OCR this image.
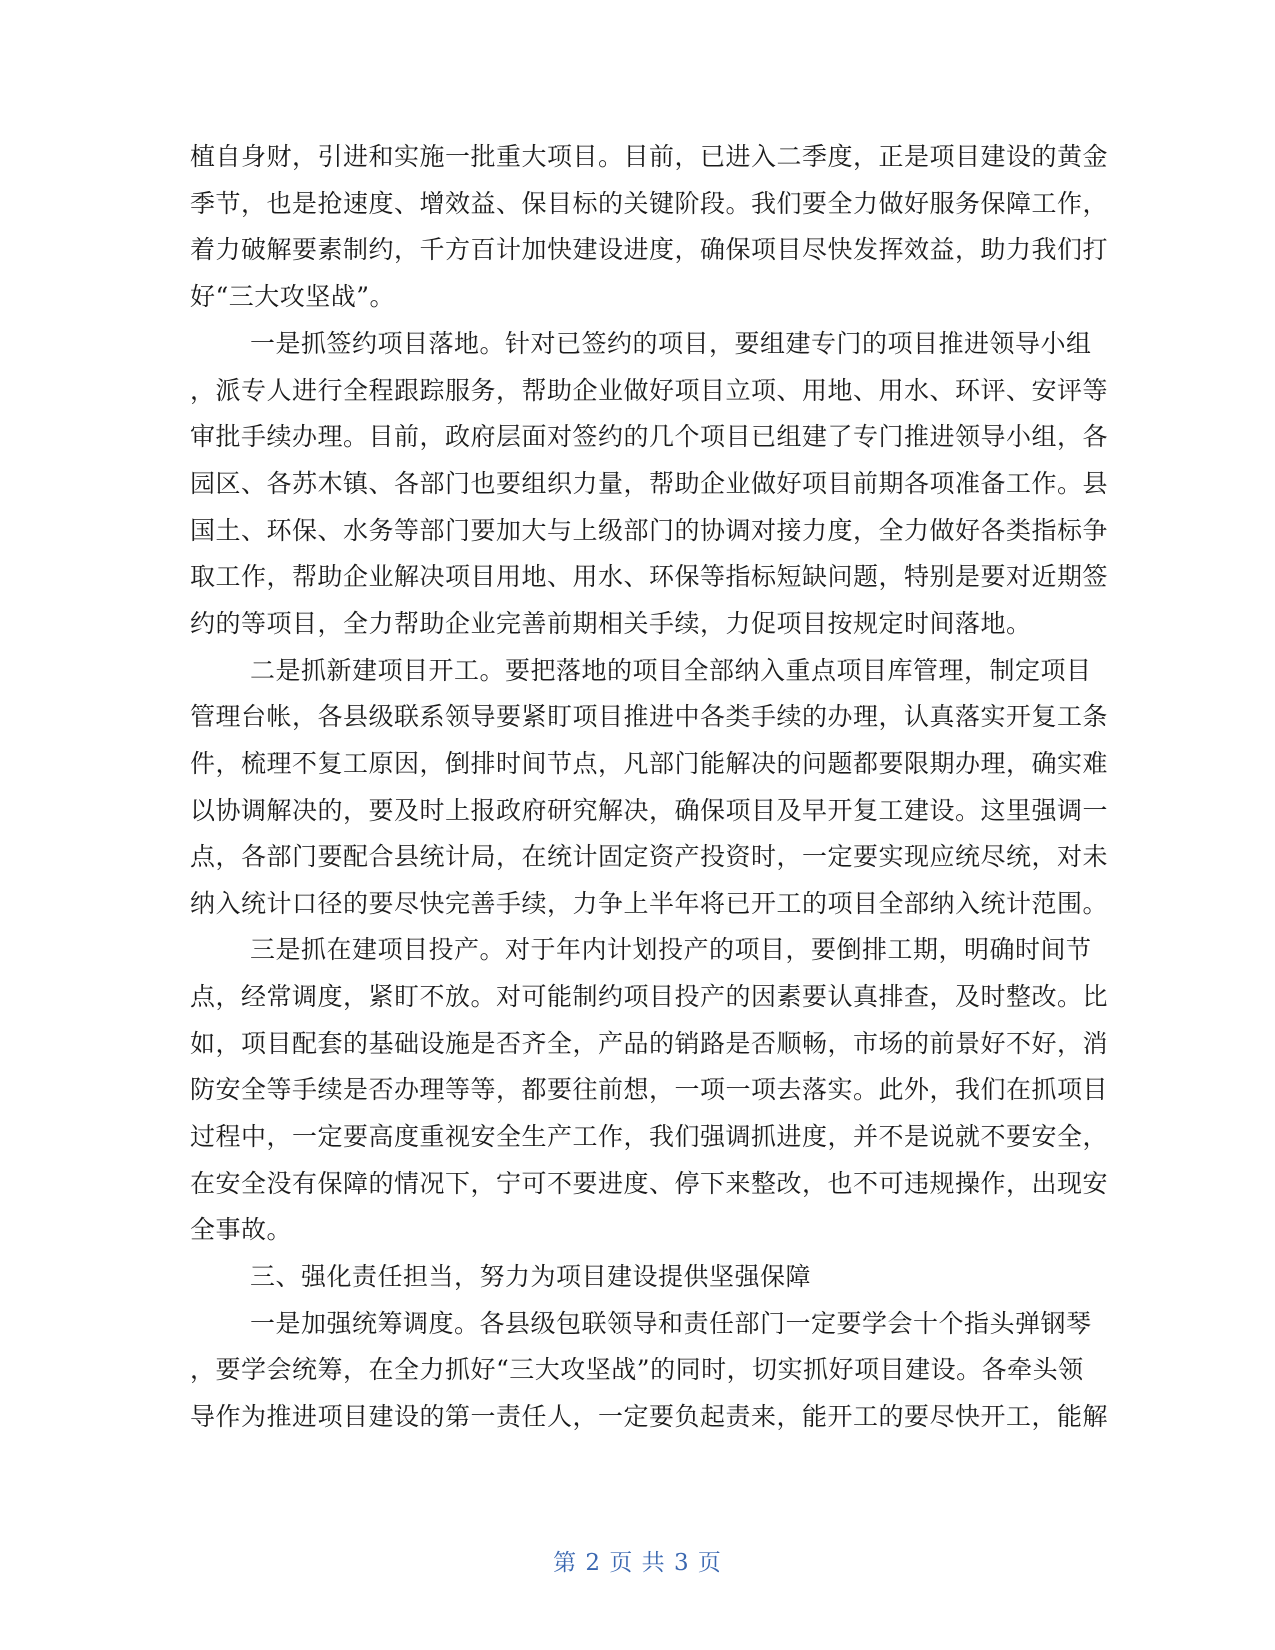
植自身财，引进和实施一批重大项目。目前，已进入二季度，正是项目建设的黄金
季节，也是抢速度、增效益、保目标的关键阶段。我们要全力做好服务保障工作，
着力破解要素制约，千方百计加快建设进度，确保项目尽快发挥效益，助力我们打
好“三大攻坚战”。
一是抓签约项目落地。针对已签约的项目，要组建专门的项目推进领导小组
，派专人进行全程跟踪服务，帮助企业做好项目立项、用地、用水、环评、安评等
审批手续办理。目前，政府层面对签约的几个项目已组建了专门推进领导小组，各
园区、各苏木镇、各部门也要组织力量，帮助企业做好项目前期各项准备工作。县
国土、环保、水务等部门要加大与上级部门的协调对接力度，全力做好各类指标争
取工作，帮助企业解决项目用地、用水、环保等指标短缺问题，特别是要对近期签
约的等项目，全力帮助企业完善前期相关手续，力促项目按规定时间落地。
二是抓新建项目开工。要把落地的项目全部纳入重点项目库管理，制定项目
管理台帐，各县级联系领导要紧盯项目推进中各类手续的办理，认真落实开复工条
件，梳理不复工原因，倒排时间节点，凡部门能解决的问题都要限期办理，确实难
以协调解决的，要及时上报政府研究解决，确保项目及早开复工建设。这里强调一
点，各部门要配合县统计局，在统计固定资产投资时，一定要实现应统尽统，对未
纳入统计口径的要尽快完善手续，力争上半年将已开工的项目全部纳入统计范围。
三是抓在建项目投产。对于年内计划投产的项目，要倒排工期，明确时间节
点，经常调度，紧盯不放。对可能制约项目投产的因素要认真排查，及时整改。比
如，项目配套的基础设施是否齐全，产品的销路是否顺畅，市场的前景好不好，消
防安全等手续是否办理等等，都要往前想，一项一项去落实。此外，我们在抓项目
过程中，一定要高度重视安全生产工作，我们强调抓进度，并不是说就不要安全，
在安全没有保障的情况下，宁可不要进度、停下来整改，也不可违规操作，出现安
全事故。
三、强化责任担当，努力为项目建设提供坚强保障
一是加强统筹调度。各县级包联领导和责任部门一定要学会十个指头弹钢琴
，要学会统筹，在全力抓好“三大攻坚战”的同时，切实抓好项目建设。各牵头领
导作为推进项目建设的第一责任人，一定要负起责来，能开工的要尽快开工，能解
第 2 页 共 3 页
